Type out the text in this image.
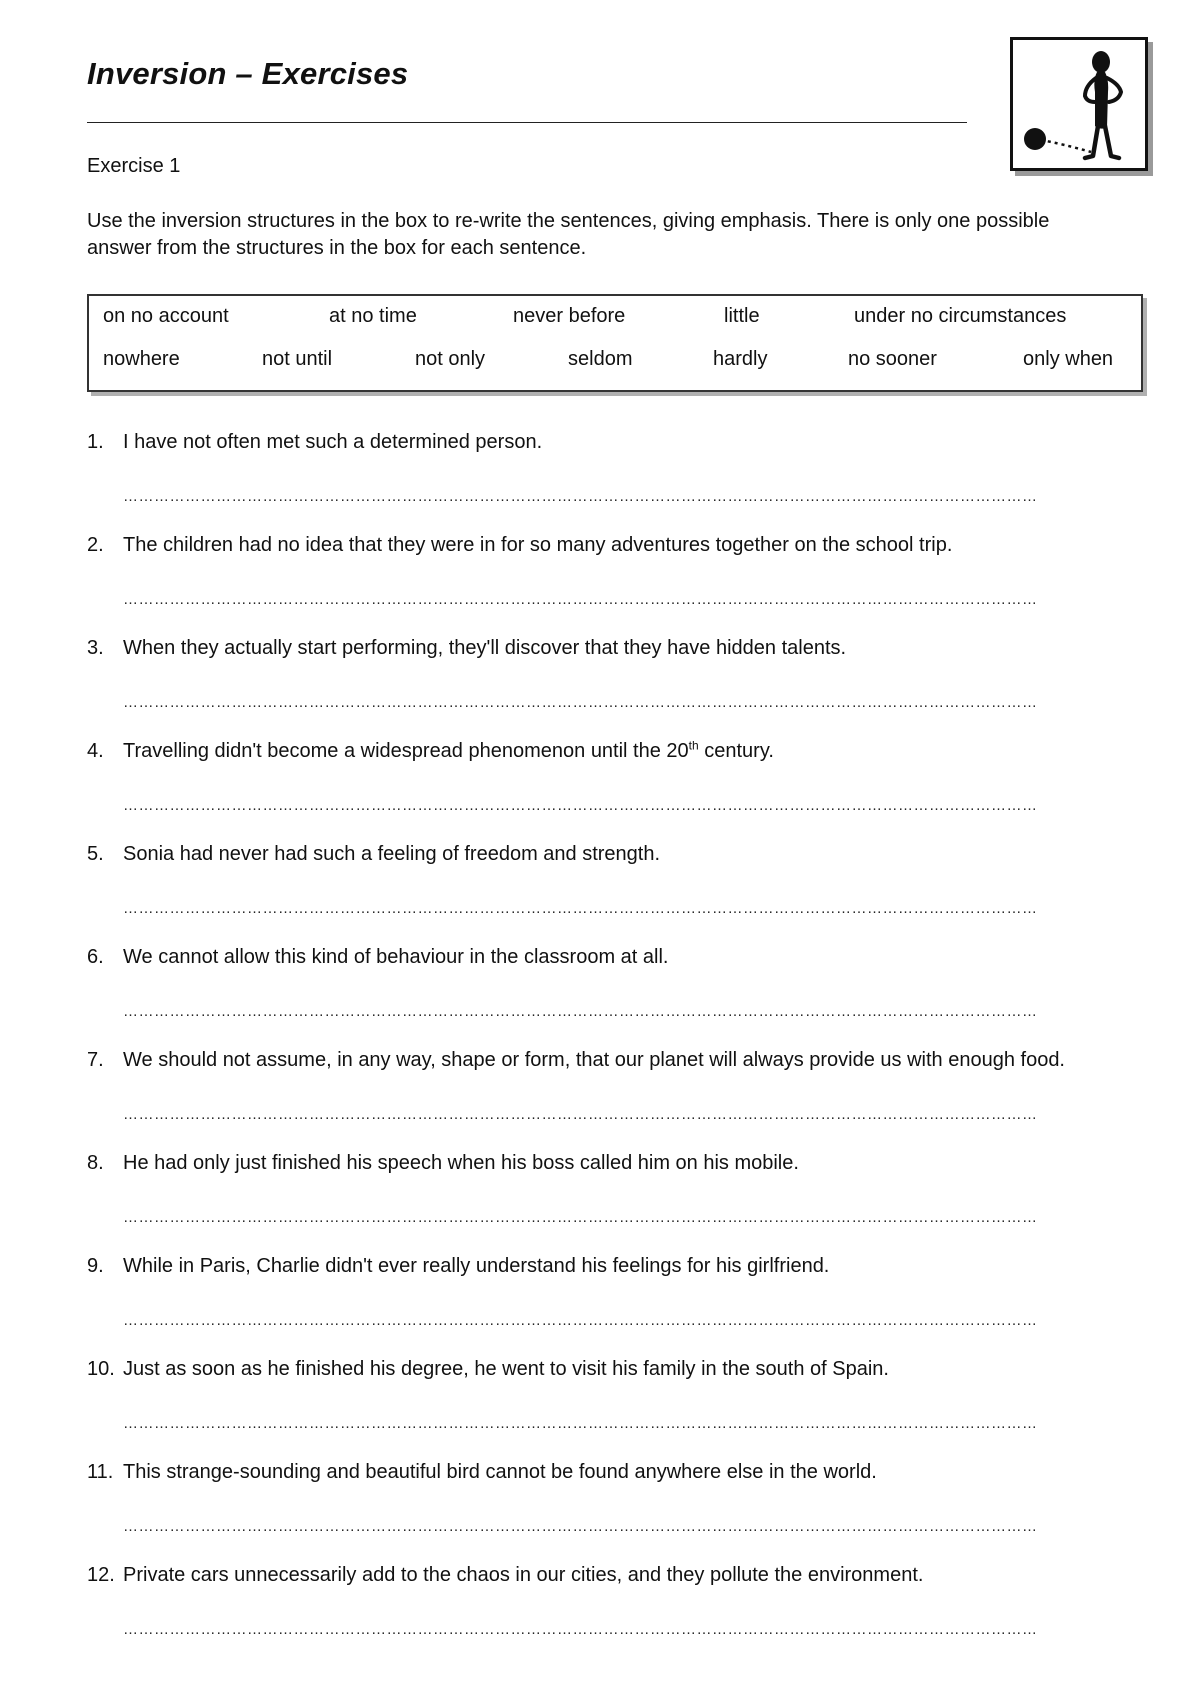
Inversion – Exercises
Exercise 1
Use the inversion structures in the box to re-write the sentences, giving emphasis. There is only one possible answer from the structures in the box for each sentence.
on no account	at no time	never before	little	under no circumstances
nowhere	not until	not only	seldom	hardly	no sooner	only when
1. I have not often met such a determined person.
……………………………………………………………………………………………………………………………………………………………
2. The children had no idea that they were in for so many adventures together on the school trip.
……………………………………………………………………………………………………………………………………………………………
3. When they actually start performing, they'll discover that they have hidden talents.
……………………………………………………………………………………………………………………………………………………………
4. Travelling didn't become a widespread phenomenon until the 20th century.
……………………………………………………………………………………………………………………………………………………………
5. Sonia had never had such a feeling of freedom and strength.
……………………………………………………………………………………………………………………………………………………………
6. We cannot allow this kind of behaviour in the classroom at all.
……………………………………………………………………………………………………………………………………………………………
7. We should not assume, in any way, shape or form, that our planet will always provide us with enough food.
……………………………………………………………………………………………………………………………………………………………
8. He had only just finished his speech when his boss called him on his mobile.
……………………………………………………………………………………………………………………………………………………………
9. While in Paris, Charlie didn't ever really understand his feelings for his girlfriend.
……………………………………………………………………………………………………………………………………………………………
10. Just as soon as he finished his degree, he went to visit his family in the south of Spain.
……………………………………………………………………………………………………………………………………………………………
11. This strange-sounding and beautiful bird cannot be found anywhere else in the world.
……………………………………………………………………………………………………………………………………………………………
12. Private cars unnecessarily add to the chaos in our cities, and they pollute the environment.
……………………………………………………………………………………………………………………………………………………………
